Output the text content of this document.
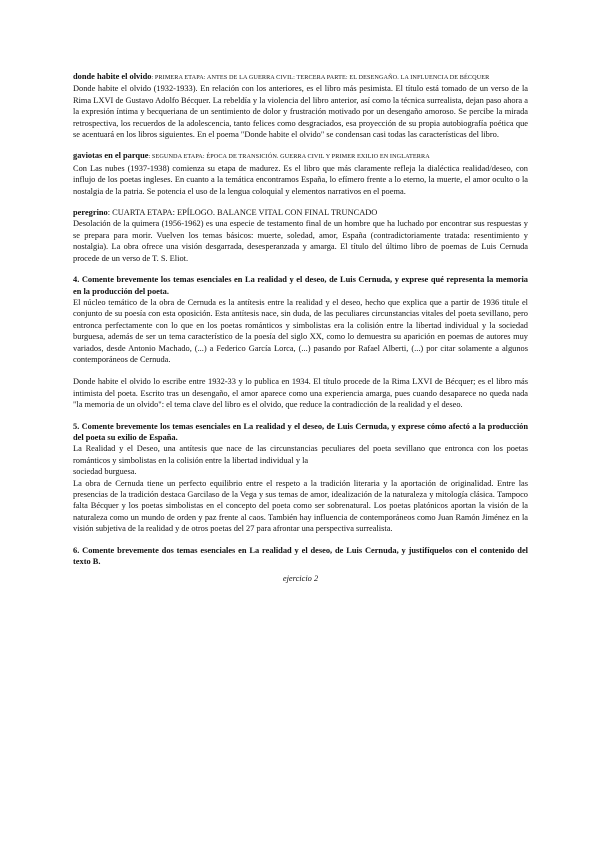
donde habite el olvido: PRIMERA ETAPA: ANTES DE LA GUERRA CIVIL: TERCERA PARTE: EL DESENGAÑO. LA INFLUENCIA DE BÉCQUER

Donde habite el olvido (1932-1933). En relación con los anteriores, es el libro más pesimista. El título está tomado de un verso de la Rima LXVI de Gustavo Adolfo Bécquer. La rebeldía y la violencia del libro anterior, así como la técnica surrealista, dejan paso ahora a la expresión íntima y becqueriana de un sentimiento de dolor y frustración motivado por un desengaño amoroso. Se percibe la mirada retrospectiva, los recuerdos de la adolescencia, tanto felices como desgraciados, esa proyección de su propia autobiografía poética que se acentuará en los libros siguientes. En el poema "Donde habite el olvido" se condensan casi todas las características del libro.

gaviotas en el parque: SEGUNDA ETAPA: ÉPOCA DE TRANSICIÓN. GUERRA CIVIL Y PRIMER EXILIO EN INGLATERRA

Con Las nubes (1937-1938) comienza su etapa de madurez. Es el libro que más claramente refleja la dialéctica realidad/deseo, con influjo de los poetas ingleses. En cuanto a la temática encontramos España, lo efímero frente a lo eterno, la muerte, el amor oculto o la nostalgia de la patria. Se potencia el uso de la lengua coloquial y elementos narrativos en el poema.

peregrino: CUARTA ETAPA: EPÍLOGO. BALANCE VITAL CON FINAL TRUNCADO

Desolación de la quimera (1956-1962) es una especie de testamento final de un hombre que ha luchado por encontrar sus respuestas y se prepara para morir. Vuelven los temas básicos: muerte, soledad, amor, España (contradictoriamente tratada: resentimiento y nostalgia). La obra ofrece una visión desgarrada, desesperanzada y amarga. El título del último libro de poemas de Luis Cernuda procede de un verso de T. S. Eliot.

4. Comente brevemente los temas esenciales en La realidad y el deseo, de Luis Cernuda, y exprese qué representa la memoria en la producción del poeta.

El núcleo temático de la obra de Cernuda es la antítesis entre la realidad y el deseo, hecho que explica que a partir de 1936 titule el conjunto de su poesía con esta oposición. Esta antítesis nace, sin duda, de las peculiares circunstancias vitales del poeta sevillano, pero entronca perfectamente con lo que en los poetas románticos y simbolistas era la colisión entre la libertad individual y la sociedad burguesa, además de ser un tema característico de la poesía del siglo XX, como lo demuestra su aparición en poemas de autores muy variados, desde Antonio Machado, (...) a Federico García Lorca, (...) pasando por Rafael Alberti, (...) por citar solamente a algunos contemporáneos de Cernuda.

Donde habite el olvido lo escribe entre 1932-33 y lo publica en 1934. El título procede de la Rima LXVI de Bécquer; es el libro más intimista del poeta. Escrito tras un desengaño, el amor aparece como una experiencia amarga, pues cuando desaparece no queda nada "la memoria de un olvido": el tema clave del libro es el olvido, que reduce la contradicción de la realidad y el deseo.

5. Comente brevemente los temas esenciales en La realidad y el deseo, de Luis Cernuda, y exprese cómo afectó a la producción del poeta su exilio de España.

La Realidad y el Deseo, una antítesis que nace de las circunstancias peculiares del poeta sevillano que entronca con los poetas románticos y simbolistas en la colisión entre la libertad individual y la

sociedad burguesa.

La obra de Cernuda tiene un perfecto equilibrio entre el respeto a la tradición literaria y la aportación de originalidad. Entre las presencias de la tradición destaca Garcilaso de la Vega y sus temas de amor, idealización de la naturaleza y mitología clásica. Tampoco falta Bécquer y los poetas simbolistas en el concepto del poeta como ser sobrenatural. Los poetas platónicos aportan la visión de la naturaleza como un mundo de orden y paz frente al caos. También hay influencia de contemporáneos como Juan Ramón Jiménez en la visión subjetiva de la realidad y de otros poetas del 27 para afrontar una perspectiva surrealista.

6. Comente brevemente dos temas esenciales en La realidad y el deseo, de Luis Cernuda, y justifíquelos con el contenido del texto B.

ejercicio 2
